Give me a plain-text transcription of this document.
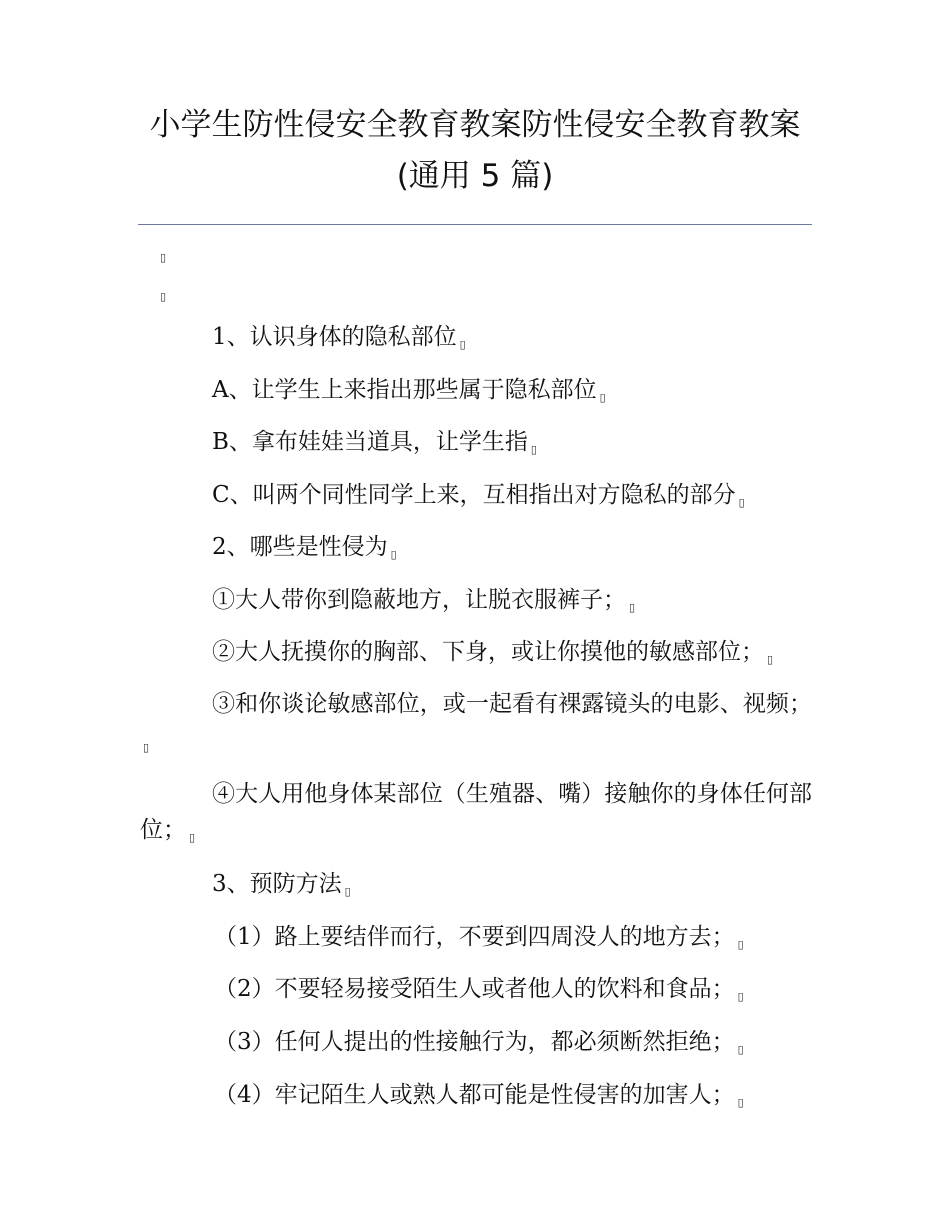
小学生防性侵安全教育教案防性侵安全教育教案
(通用 5 篇)
▯
▯
1、认识身体的隐私部位 ▯
A、让学生上来指出那些属于隐私部位 ▯
B、拿布娃娃当道具，让学生指 ▯
C、叫两个同性同学上来，互相指出对方隐私的部分 ▯
2、哪些是性侵为 ▯
①大人带你到隐蔽地方，让脱衣服裤子； ▯
②大人抚摸你的胸部、下身，或让你摸他的敏感部位； ▯
③和你谈论敏感部位，或一起看有裸露镜头的电影、视频；▯
④大人用他身体某部位（生殖器、嘴）接触你的身体任何部位； ▯
3、预防方法 ▯
（1）路上要结伴而行，不要到四周没人的地方去； ▯
（2）不要轻易接受陌生人或者他人的饮料和食品； ▯
（3）任何人提出的性接触行为，都必须断然拒绝； ▯
（4）牢记陌生人或熟人都可能是性侵害的加害人； ▯
